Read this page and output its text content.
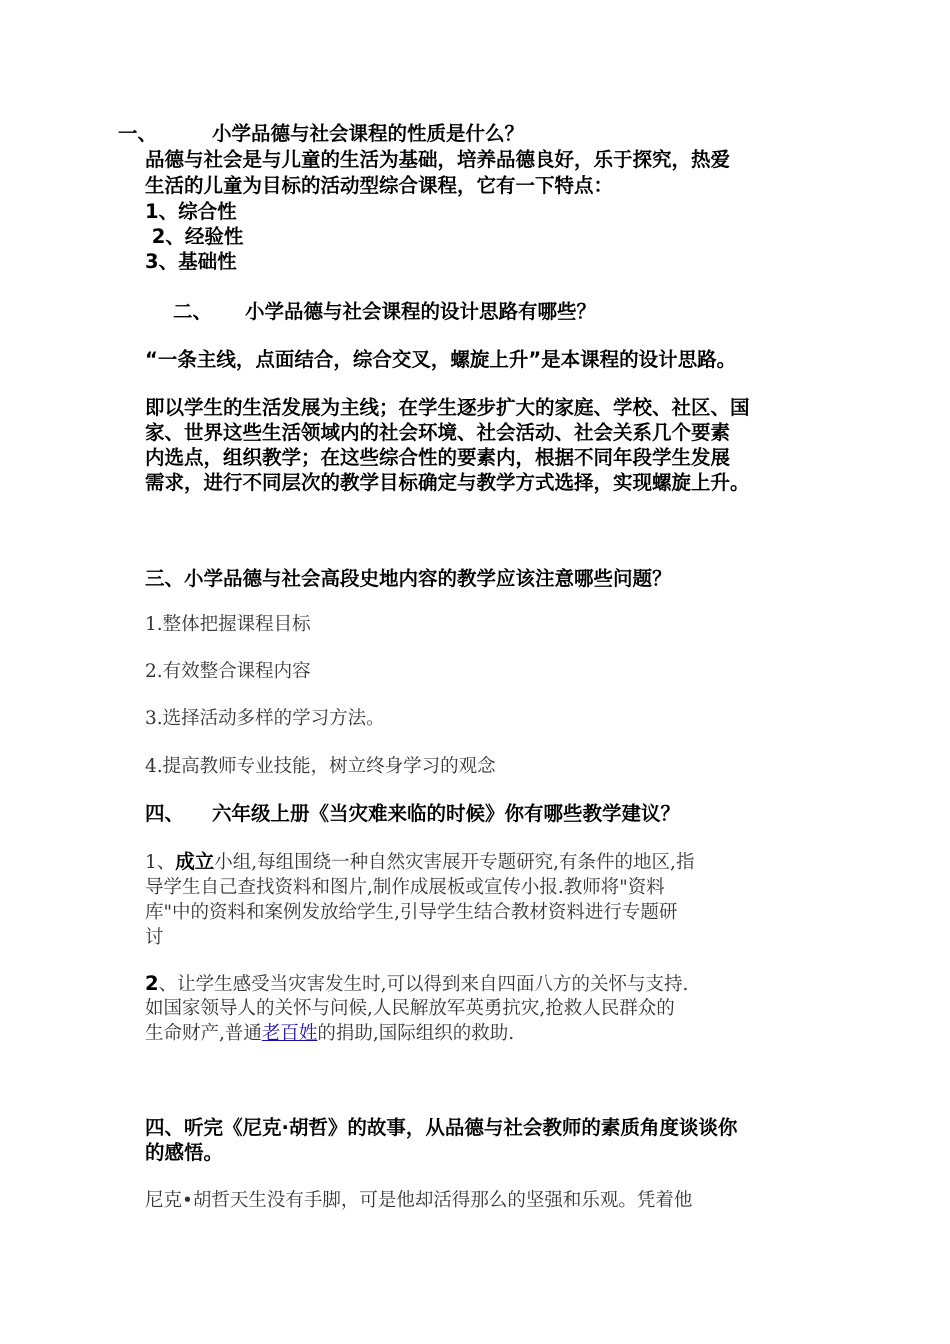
一、	小学品德与社会课程的性质是什么？
品德与社会是与儿童的生活为基础，培养品德良好，乐于探究，热爱
生活的儿童为目标的活动型综合课程，它有一下特点：
1、综合性
2、经验性
3、基础性
二、 小学品德与社会课程的设计思路有哪些？
“一条主线，点面结合，综合交叉，螺旋上升”是本课程的设计思路。
即以学生的生活发展为主线；在学生逐步扩大的家庭、学校、社区、国
家、世界这些生活领域内的社会环境、社会活动、社会关系几个要素
内选点，组织教学；在这些综合性的要素内，根据不同年段学生发展
需求，进行不同层次的教学目标确定与教学方式选择，实现螺旋上升。
三、小学品德与社会高段史地内容的教学应该注意哪些问题？
1.整体把握课程目标
2.有效整合课程内容
3.选择活动多样的学习方法。
4.提高教师专业技能，树立终身学习的观念
四、 六年级上册《当灾难来临的时候》你有哪些教学建议？
1、成立小组,每组围绕一种自然灾害展开专题研究,有条件的地区,指
导学生自己查找资料和图片,制作成展板或宣传小报.教师将"资料
库"中的资料和案例发放给学生,引导学生结合教材资料进行专题研
讨
2、让学生感受当灾害发生时,可以得到来自四面八方的关怀与支持.
如国家领导人的关怀与问候,人民解放军英勇抗灾,抢救人民群众的
生命财产,普通老百姓的捐助,国际组织的救助.
四、听完《尼克·胡哲》的故事，从品德与社会教师的素质角度谈谈你
的感悟。
尼克•胡哲天生没有手脚，可是他却活得那么的坚强和乐观。凭着他
